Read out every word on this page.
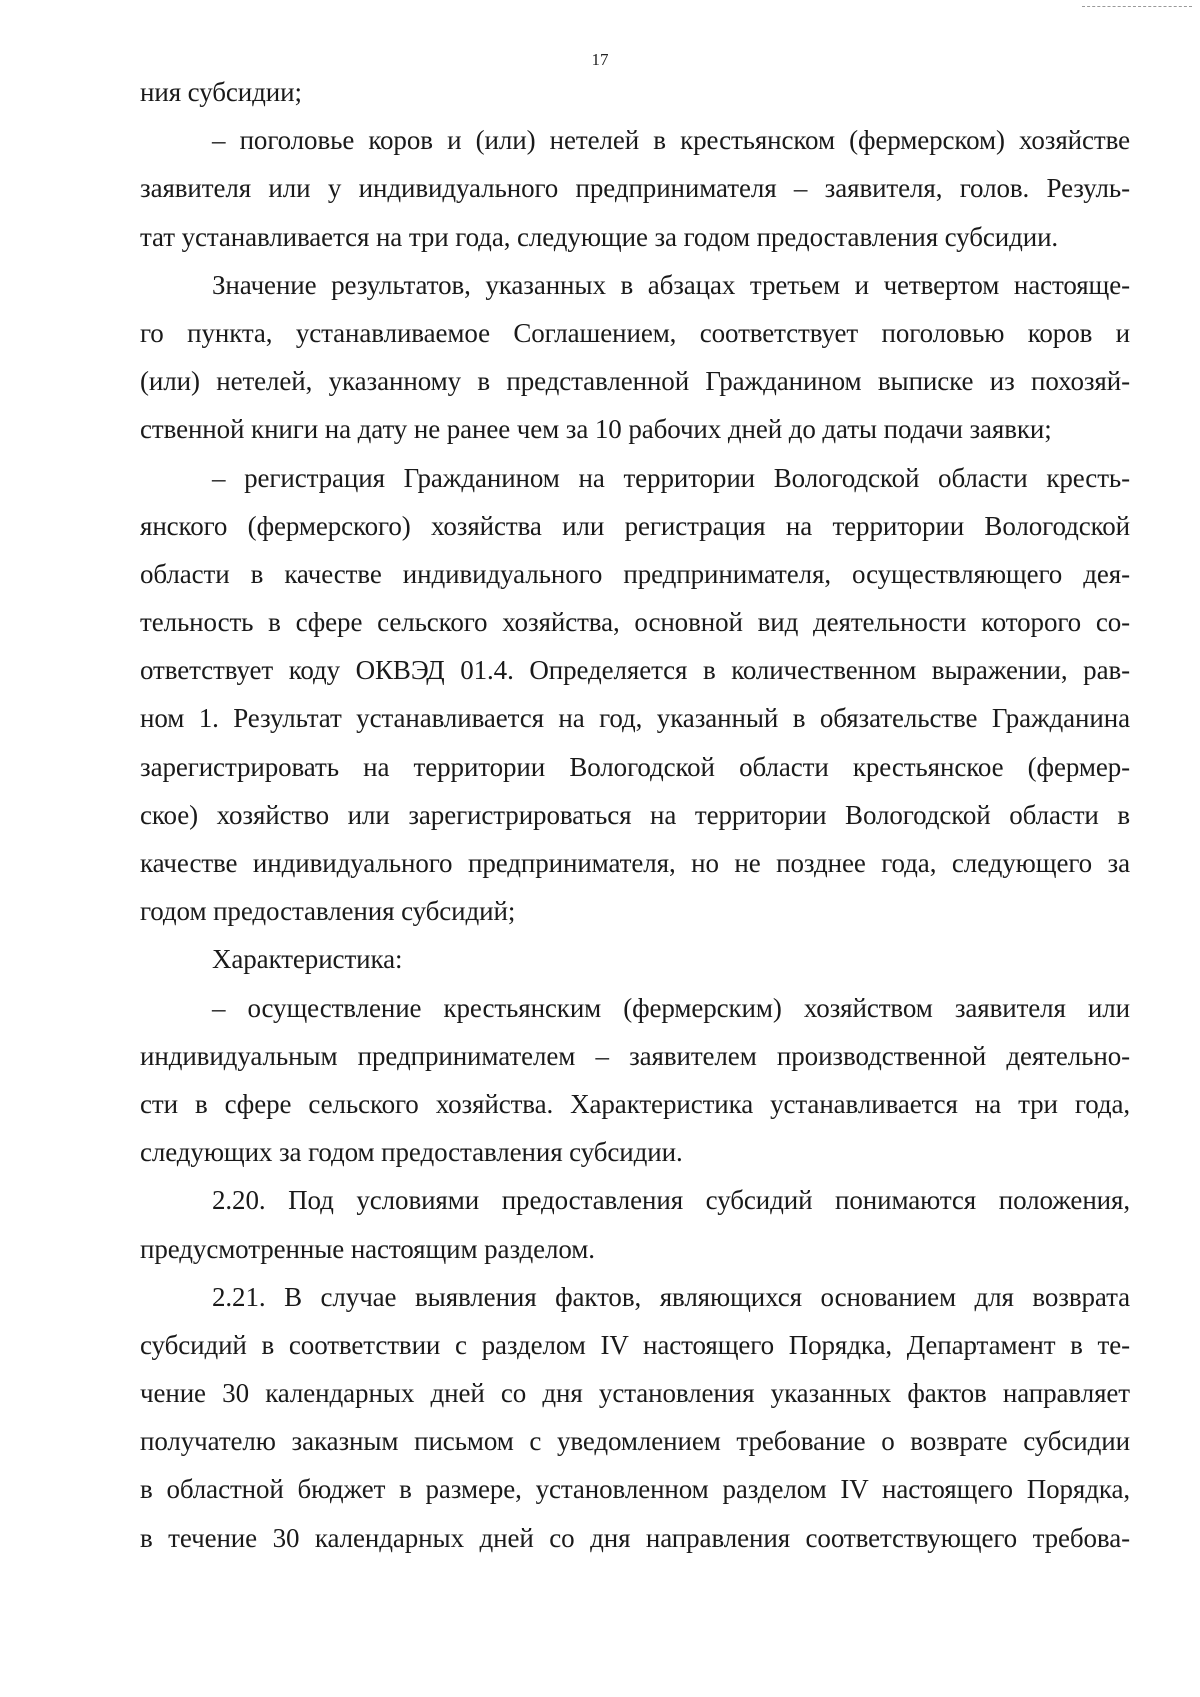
17
ния субсидии;
– поголовье коров и (или) нетелей в крестьянском (фермерском) хозяйстве
заявителя или у индивидуального предпринимателя – заявителя, голов. Резуль-
тат устанавливается на три года, следующие за годом предоставления субсидии.
Значение результатов, указанных в абзацах третьем и четвертом настояще-
го пункта, устанавливаемое Соглашением, соответствует поголовью коров и
(или) нетелей, указанному в представленной Гражданином выписке из похозяй-
ственной книги на дату не ранее чем за 10 рабочих дней до даты подачи заявки;
– регистрация Гражданином на территории Вологодской области кресть-
янского (фермерского) хозяйства или регистрация на территории Вологодской
области в качестве индивидуального предпринимателя, осуществляющего дея-
тельность в сфере сельского хозяйства, основной вид деятельности которого со-
ответствует коду ОКВЭД 01.4. Определяется в количественном выражении, рав-
ном 1. Результат устанавливается на год, указанный в обязательстве Гражданина
зарегистрировать на территории Вологодской области крестьянское (фермер-
ское) хозяйство или зарегистрироваться на территории Вологодской области в
качестве индивидуального предпринимателя, но не позднее года, следующего за
годом предоставления субсидий;
Характеристика:
– осуществление крестьянским (фермерским) хозяйством заявителя или
индивидуальным предпринимателем – заявителем производственной деятельно-
сти в сфере сельского хозяйства. Характеристика устанавливается на три года,
следующих за годом предоставления субсидии.
2.20. Под условиями предоставления субсидий понимаются положения,
предусмотренные настоящим разделом.
2.21. В случае выявления фактов, являющихся основанием для возврата
субсидий в соответствии с разделом IV настоящего Порядка, Департамент в те-
чение 30 календарных дней со дня установления указанных фактов направляет
получателю заказным письмом с уведомлением требование о возврате субсидии
в областной бюджет в размере, установленном разделом IV настоящего Порядка,
в течение 30 календарных дней со дня направления соответствующего требова-
